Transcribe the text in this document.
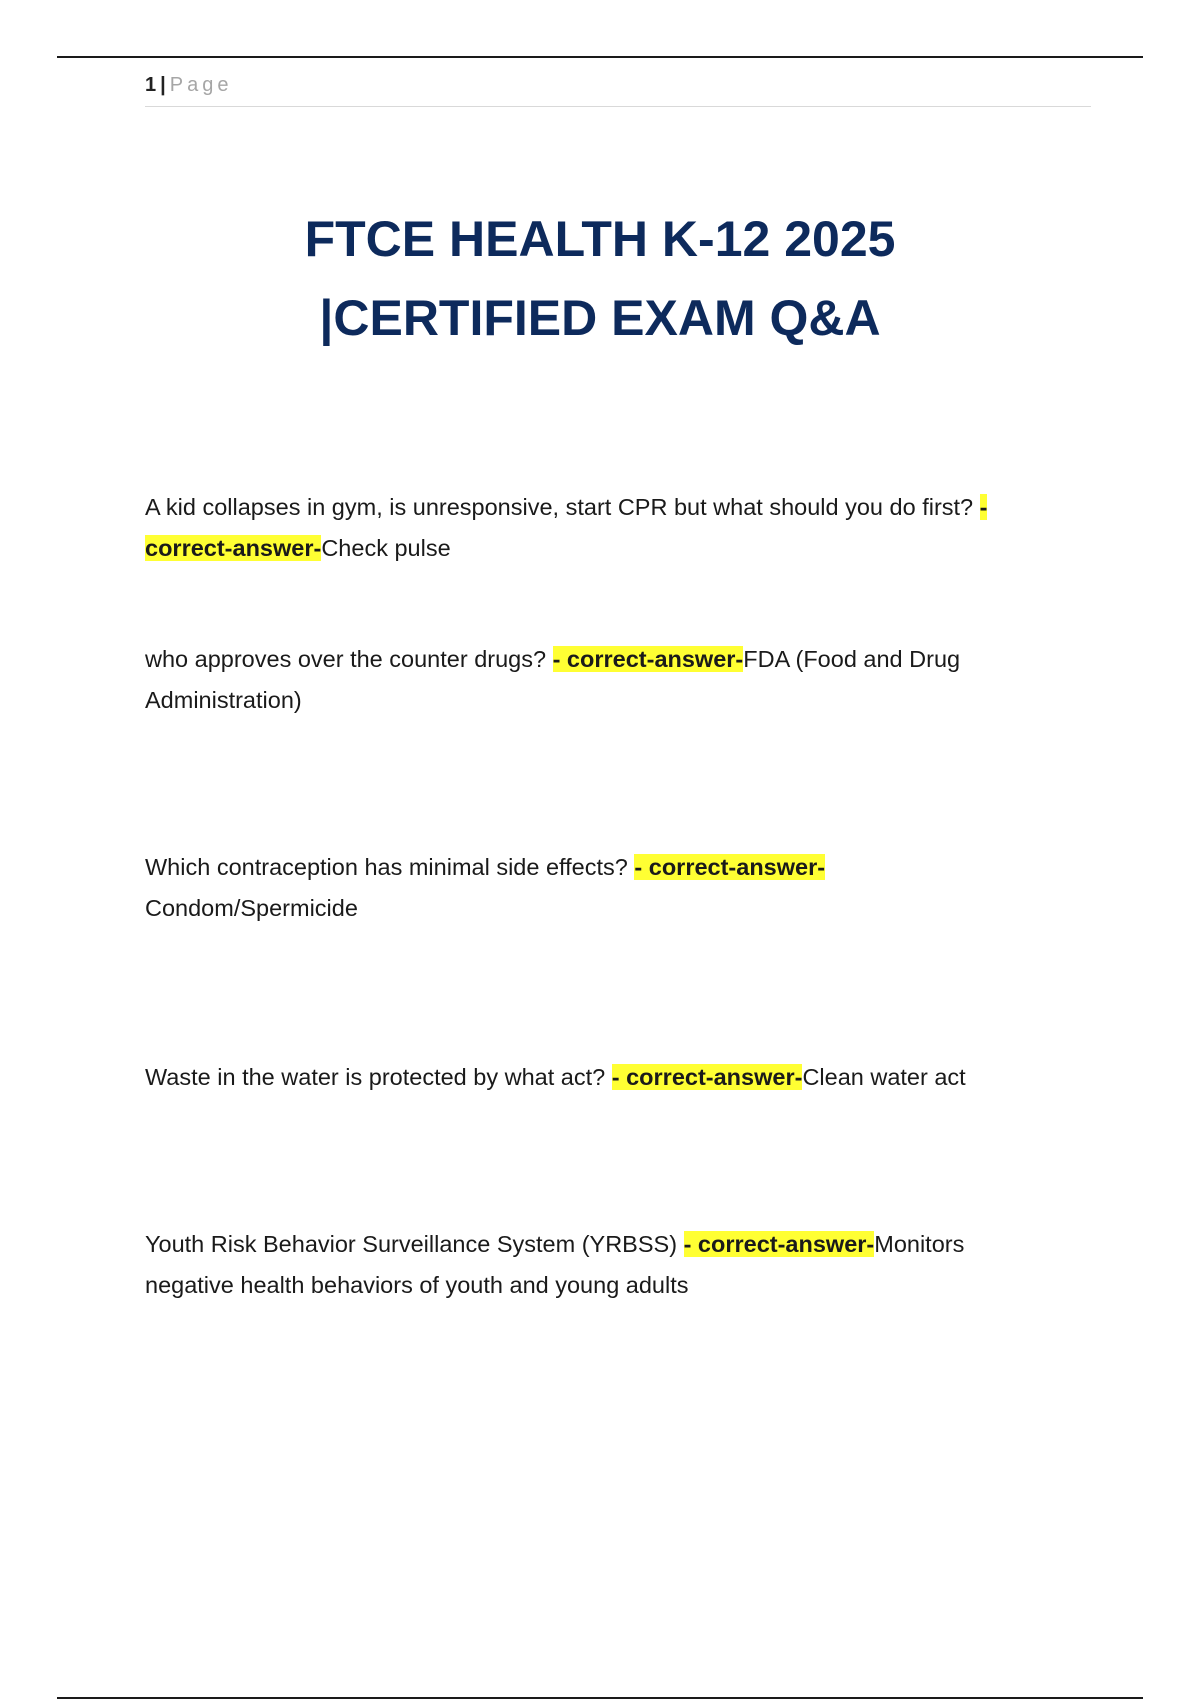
1 | Page
FTCE HEALTH K-12 2025
|CERTIFIED EXAM Q&A
A kid collapses in gym, is unresponsive, start CPR but what should you do first? - correct-answer-Check pulse
who approves over the counter drugs? - correct-answer-FDA (Food and Drug Administration)
Which contraception has minimal side effects? - correct-answer-Condom/Spermicide
Waste in the water is protected by what act? - correct-answer-Clean water act
Youth Risk Behavior Surveillance System (YRBSS) - correct-answer-Monitors negative health behaviors of youth and young adults
